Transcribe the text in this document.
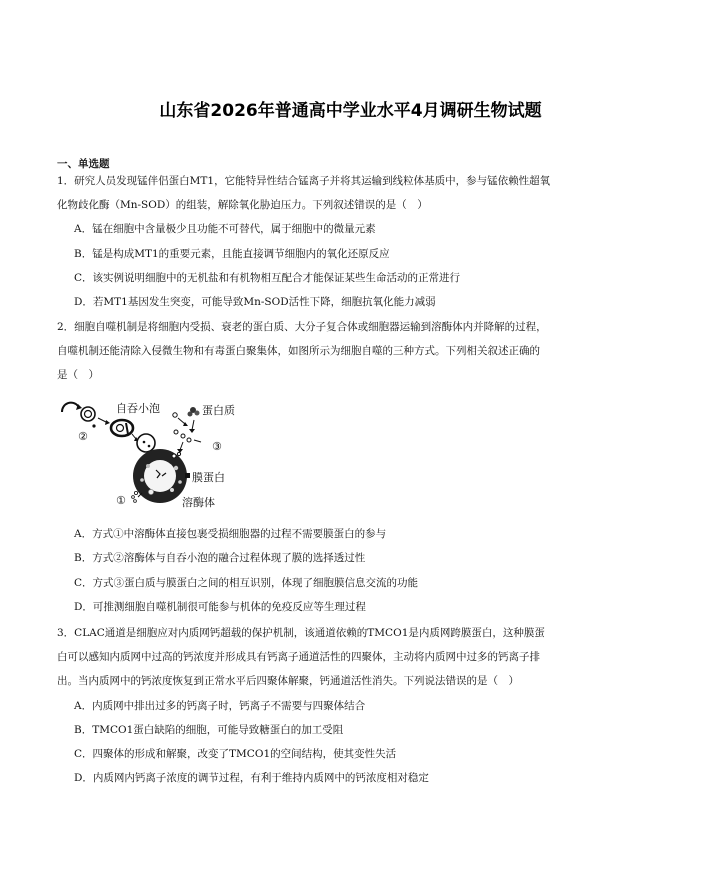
山东省2026年普通高中学业水平4月调研生物试题
一、单选题
1．研究人员发现锰伴侣蛋白MT1，它能特异性结合锰离子并将其运输到线粒体基质中，参与锰依赖性超氧
化物歧化酶（Mn-SOD）的组装，解除氧化胁迫压力。下列叙述错误的是（　）
A．锰在细胞中含量极少且功能不可替代，属于细胞中的微量元素
B．锰是构成MT1的重要元素，且能直接调节细胞内的氧化还原反应
C．该实例说明细胞中的无机盐和有机物相互配合才能保证某些生命活动的正常进行
D．若MT1基因发生突变，可能导致Mn-SOD活性下降，细胞抗氧化能力减弱
2．细胞自噬机制是将细胞内受损、衰老的蛋白质、大分子复合体或细胞器运输到溶酶体内并降解的过程，
自噬机制还能清除入侵微生物和有毒蛋白聚集体，如图所示为细胞自噬的三种方式。下列相关叙述正确的
是（　）
自吞小泡	蛋白质
膜蛋白
溶酶体
②
③
①
A．方式①中溶酶体直接包裹受损细胞器的过程不需要膜蛋白的参与
B．方式②溶酶体与自吞小泡的融合过程体现了膜的选择透过性
C．方式③蛋白质与膜蛋白之间的相互识别，体现了细胞膜信息交流的功能
D．可推测细胞自噬机制很可能参与机体的免疫反应等生理过程
3．CLAC通道是细胞应对内质网钙超载的保护机制，该通道依赖的TMCO1是内质网跨膜蛋白，这种膜蛋
白可以感知内质网中过高的钙浓度并形成具有钙离子通道活性的四聚体，主动将内质网中过多的钙离子排
出。当内质网中的钙浓度恢复到正常水平后四聚体解聚，钙通道活性消失。下列说法错误的是（　）
A．内质网中排出过多的钙离子时，钙离子不需要与四聚体结合
B．TMCO1蛋白缺陷的细胞，可能导致糖蛋白的加工受阻
C．四聚体的形成和解聚，改变了TMCO1的空间结构，使其变性失活
D．内质网内钙离子浓度的调节过程，有利于维持内质网中的钙浓度相对稳定
